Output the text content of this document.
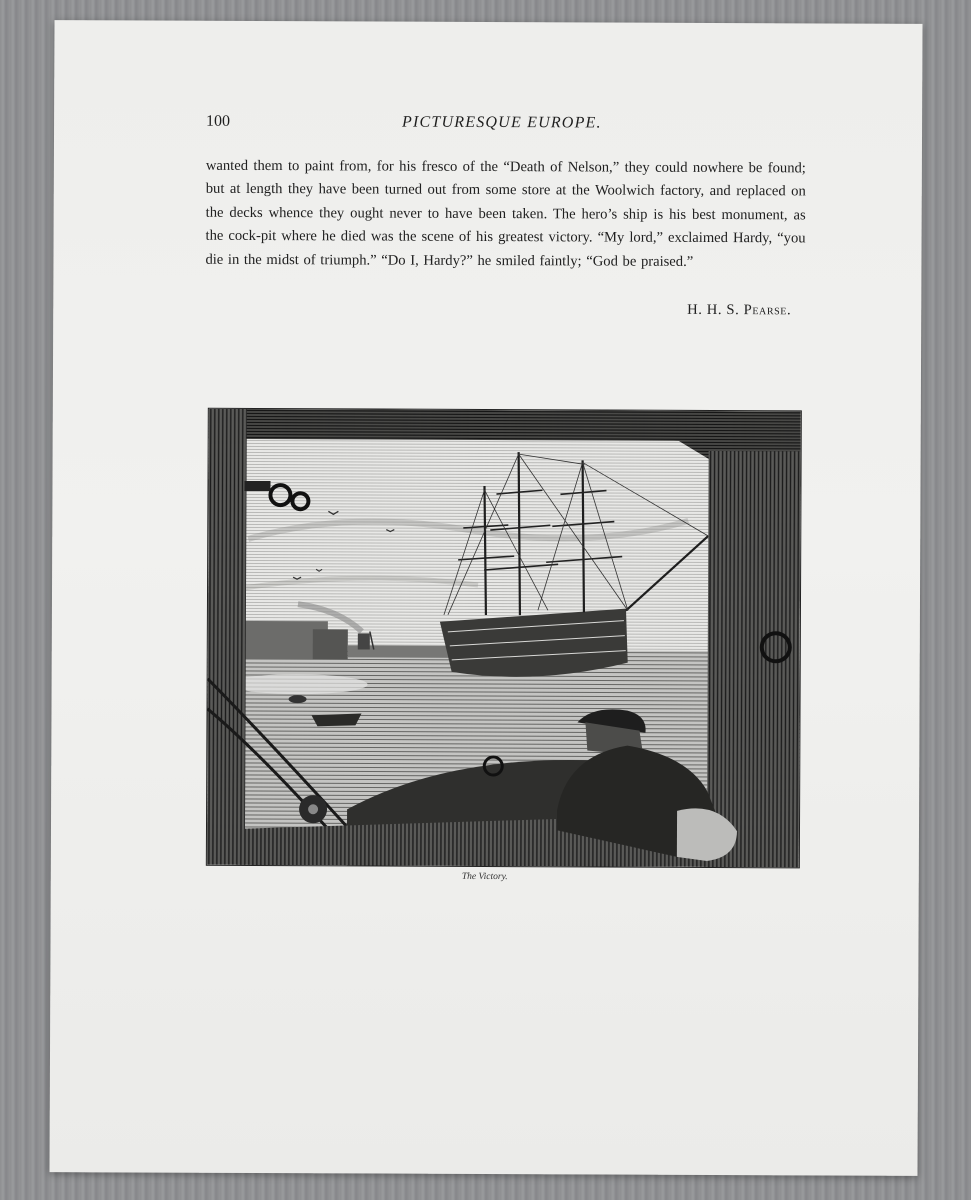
100	PICTURESQUE EUROPE.
wanted them to paint from, for his fresco of the “Death of Nelson,” they could nowhere be found; but at length they have been turned out from some store at the Woolwich factory, and replaced on the decks whence they ought never to have been taken. The hero’s ship is his best monument, as the cock-pit where he died was the scene of his greatest victory. “My lord,” exclaimed Hardy, “you die in the midst of triumph.” “Do I, Hardy?” he smiled faintly; “God be praised.”
H. H. S. Pearse.
The Victory.
